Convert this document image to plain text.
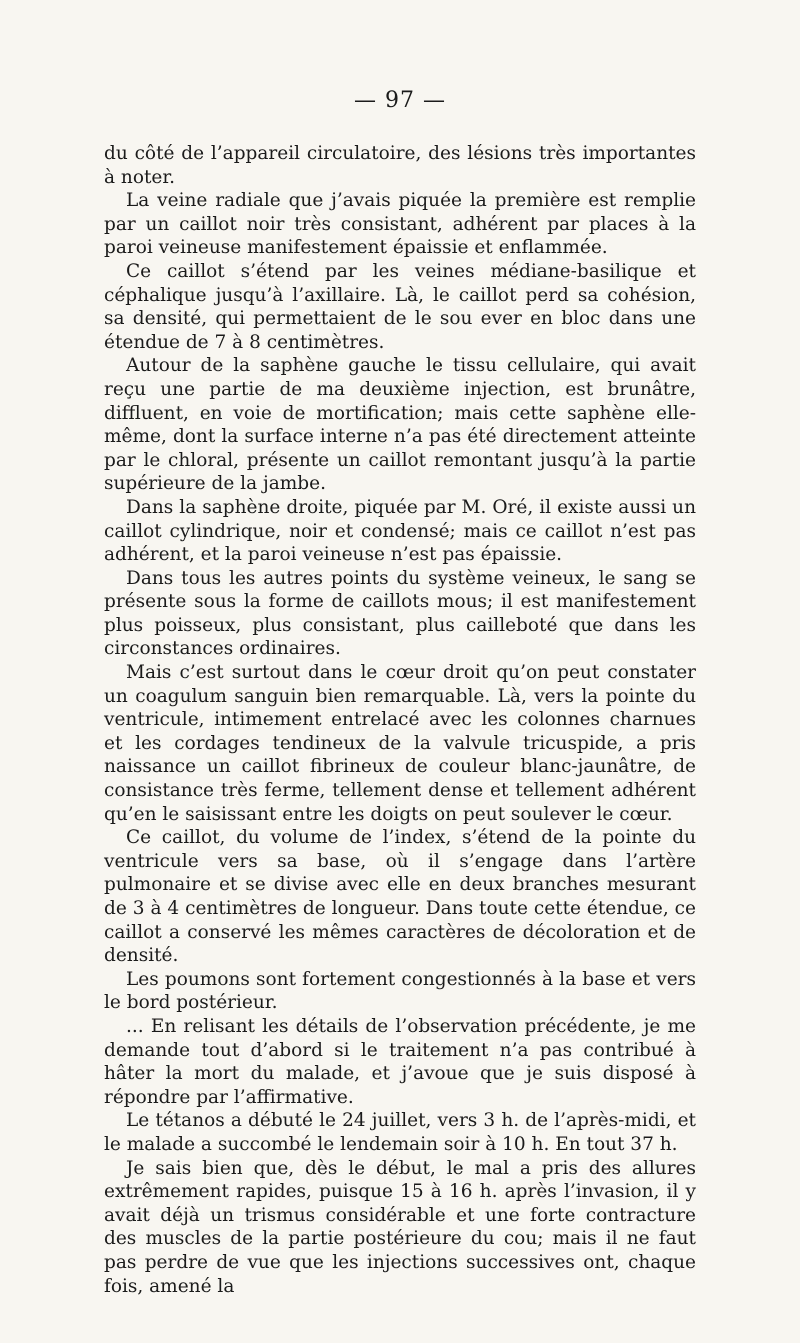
— 97 —

du côté de l’appareil circulatoire, des lésions très importantes à noter.

La veine radiale que j’avais piquée la première est remplie par un caillot noir très consistant, adhérent par places à la paroi veineuse manifestement épaissie et enflammée.

Ce caillot s’étend par les veines médiane-basilique et céphalique jusqu’à l’axillaire. Là, le caillot perd sa cohésion, sa densité, qui permettaient de le sou ever en bloc dans une étendue de 7 à 8 centimètres.

Autour de la saphène gauche le tissu cellulaire, qui avait reçu une partie de ma deuxième injection, est brunâtre, diffluent, en voie de mortification; mais cette saphène elle-même, dont la surface interne n’a pas été directement atteinte par le chloral, présente un caillot remontant jusqu’à la partie supérieure de la jambe.

Dans la saphène droite, piquée par M. Oré, il existe aussi un caillot cylindrique, noir et condensé; mais ce caillot n’est pas adhérent, et la paroi veineuse n’est pas épaissie.

Dans tous les autres points du système veineux, le sang se présente sous la forme de caillots mous; il est manifestement plus poisseux, plus consistant, plus caillebоté que dans les circonstances ordinaires.

Mais c’est surtout dans le cœur droit qu’on peut constater un coagulum sanguin bien remarquable. Là, vers la pointe du ventricule, intimement entrelacé avec les colonnes charnues et les cordages tendineux de la valvule tricuspide, a pris naissance un caillot fibrineux de couleur blanc-jaunâtre, de consistance très ferme, tellement dense et tellement adhérent qu’en le saisissant entre les doigts on peut soulever le cœur.

Ce caillot, du volume de l’index, s’étend de la pointe du ventricule vers sa base, où il s’engage dans l’artère pulmonaire et se divise avec elle en deux branches mesurant de 3 à 4 centimètres de longueur. Dans toute cette étendue, ce caillot a conservé les mêmes caractères de décoloration et de densité.

Les poumons sont fortement congestionnés à la base et vers le bord postérieur.

... En relisant les détails de l’observation précédente, je me demande tout d’abord si le traitement n’a pas contribué à hâter la mort du malade, et j’avoue que je suis disposé à répondre par l’affirmative.

Le tétanos a débuté le 24 juillet, vers 3 h. de l’après-midi, et le malade a succombé le lendemain soir à 10 h. En tout 37 h.

Je sais bien que, dès le début, le mal a pris des allures extrêmement rapides, puisque 15 à 16 h. après l’invasion, il y avait déjà un trismus considérable et une forte contracture des muscles de la partie postérieure du cou; mais il ne faut pas perdre de vue que les injections successives ont, chaque fois, amené la
